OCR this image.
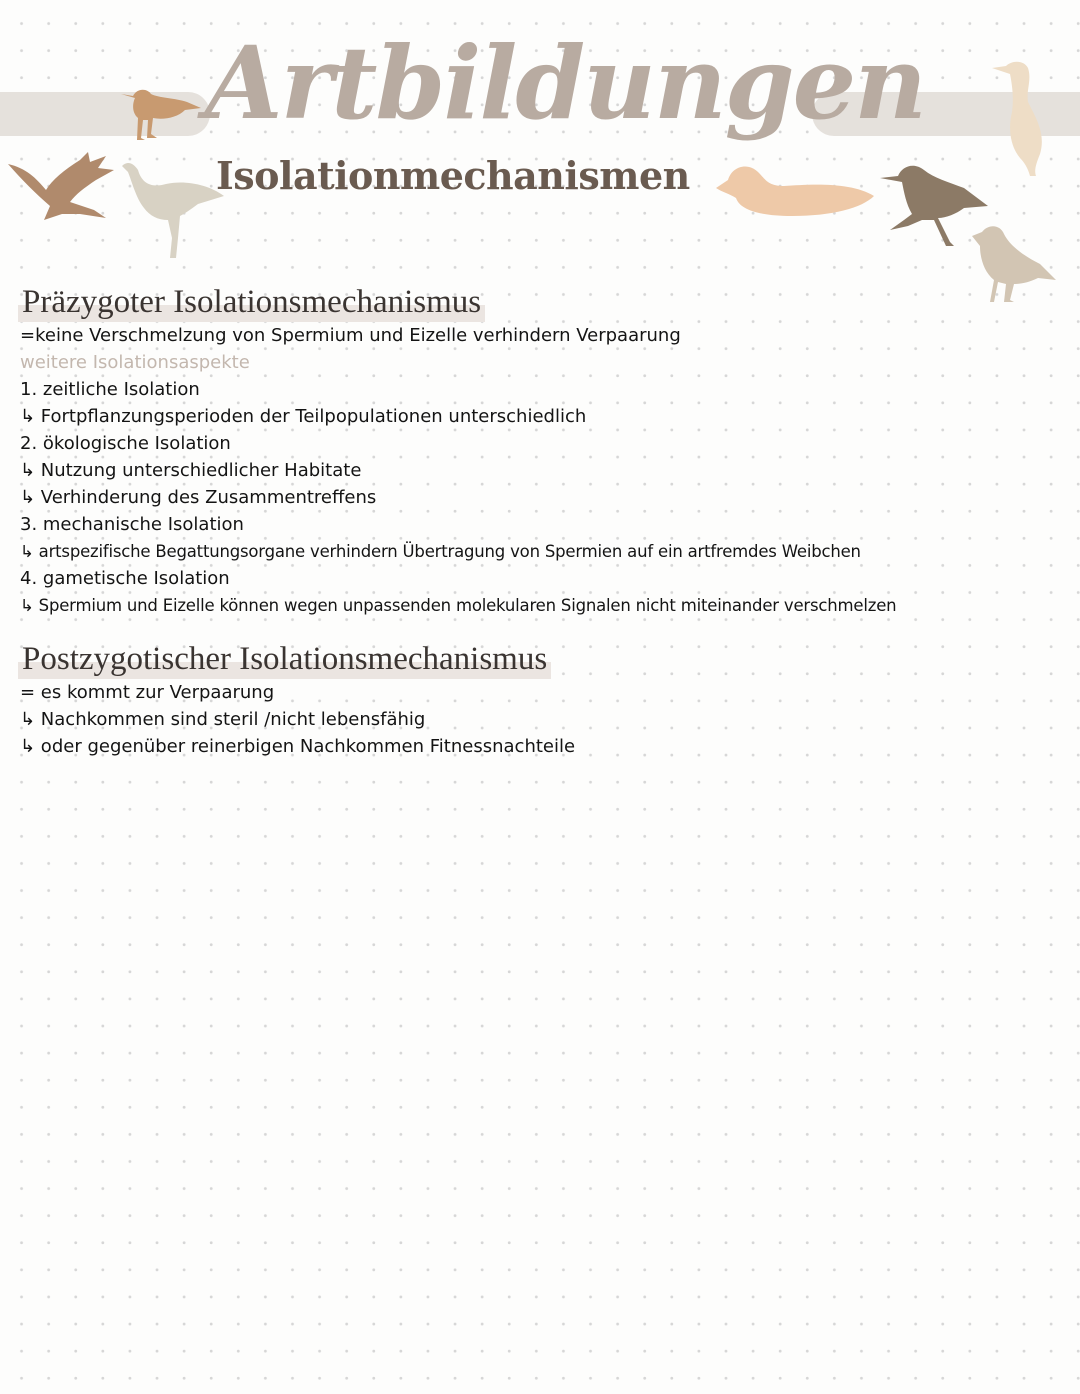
Artbildungen
Isolationmechanismen
Präzygoter Isolationsmechanismus
=keine Verschmelzung von Spermium und Eizelle verhindern Verpaarung
weitere Isolationsaspekte
1. zeitliche Isolation
↳ Fortpflanzungsperioden der Teilpopulationen unterschiedlich
2. ökologische Isolation
↳ Nutzung unterschiedlicher Habitate
↳ Verhinderung des Zusammentreffens
3. mechanische Isolation
↳ artspezifische Begattungsorgane verhindern Übertragung von Spermien auf ein artfremdes Weibchen
4. gametische Isolation
↳ Spermium und Eizelle können wegen unpassenden molekularen Signalen nicht miteinander verschmelzen
Postzygotischer Isolationsmechanismus
= es kommt zur Verpaarung
↳ Nachkommen sind steril /nicht lebensfähig
↳ oder gegenüber reinerbigen Nachkommen Fitnessnachteile
